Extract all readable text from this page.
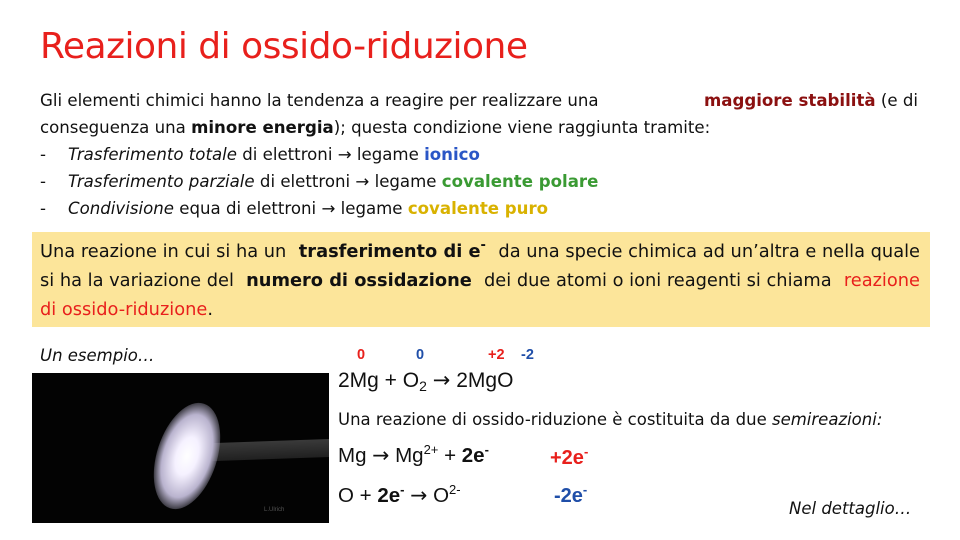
Reazioni di ossido-riduzione
Gli elementi chimici hanno la tendenza a reagire per realizzare una	maggiore stabilità (e di
conseguenza una minore energia); questa condizione viene raggiunta tramite:
- Trasferimento totale di elettroni → legame ionico
- Trasferimento parziale di elettroni → legame covalente polare
- Condivisione equa di elettroni → legame covalente puro

Una reazione in cui si ha un trasferimento di e- da una specie chimica ad un’altra e nella quale
si ha la variazione del numero di ossidazione dei due atomi o ioni reagenti si chiama reazione
di ossido-riduzione.

Un esempio…
L.Ulrich
0	0	+2 -2
$2Mg + O_2 \to 2MgO$
Una reazione di ossido-riduzione è costituita da due semireazioni:
$Mg \to Mg^{2+} + 2e^-$
$O + 2e^- \to O^{2-}$
+2e-
-2e-
Nel dettaglio…
